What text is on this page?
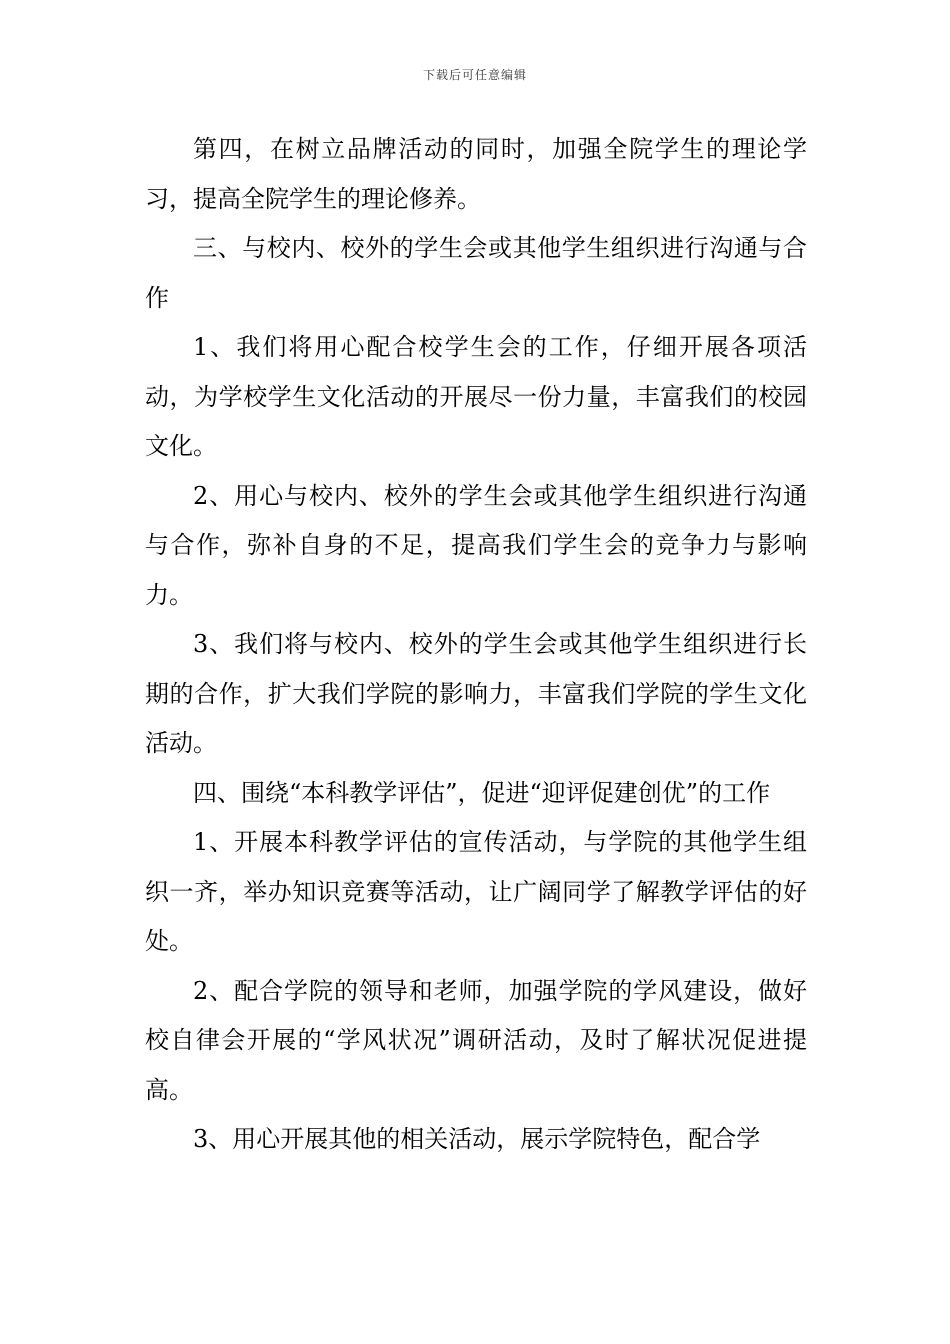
下载后可任意编辑

第四，在树立品牌活动的同时，加强全院学生的理论学习，提高全院学生的理论修养。

三、与校内、校外的学生会或其他学生组织进行沟通与合作

1、我们将用心配合校学生会的工作，仔细开展各项活动，为学校学生文化活动的开展尽一份力量，丰富我们的校园文化。

2、用心与校内、校外的学生会或其他学生组织进行沟通与合作，弥补自身的不足，提高我们学生会的竞争力与影响力。

3、我们将与校内、校外的学生会或其他学生组织进行长期的合作，扩大我们学院的影响力，丰富我们学院的学生文化活动。

四、围绕“本科教学评估”，促进“迎评促建创优”的工作

1、开展本科教学评估的宣传活动，与学院的其他学生组织一齐，举办知识竞赛等活动，让广阔同学了解教学评估的好处。

2、配合学院的领导和老师，加强学院的学风建设，做好校自律会开展的“学风状况”调研活动，及时了解状况促进提高。

3、用心开展其他的相关活动，展示学院特色，配合学
